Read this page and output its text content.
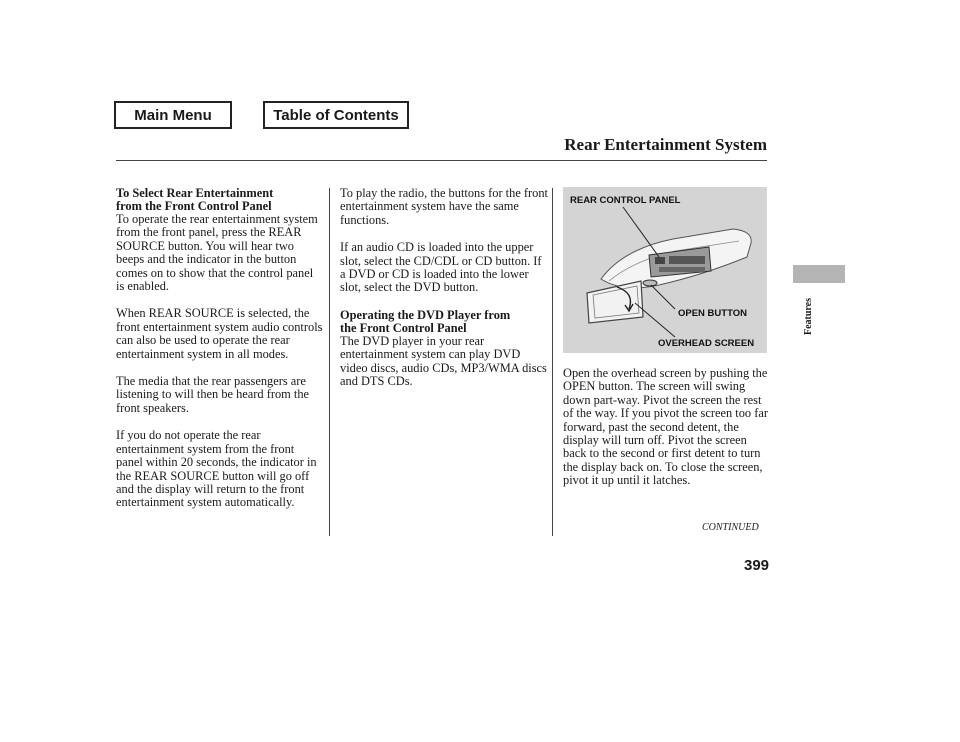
Main Menu	Table of Contents
Rear Entertainment System
To Select Rear Entertainment
from the Front Control Panel

To operate the rear entertainment system from the front panel, press the REAR SOURCE button. You will hear two beeps and the indicator in the button comes on to show that the control panel is enabled.

When REAR SOURCE is selected, the front entertainment system audio controls can also be used to operate the rear entertainment system in all modes.

The media that the rear passengers are listening to will then be heard from the front speakers.

If you do not operate the rear entertainment system from the front panel within 20 seconds, the indicator in the REAR SOURCE button will go off and the display will return to the front entertainment system automatically.

To play the radio, the buttons for the front entertainment system have the same functions.

If an audio CD is loaded into the upper slot, select the CD/CDL or CD button. If a DVD or CD is loaded into the lower slot, select the DVD button.

Operating the DVD Player from
the Front Control Panel

The DVD player in your rear entertainment system can play DVD video discs, audio CDs, MP3/WMA discs and DTS CDs.

REAR CONTROL PANEL
OPEN BUTTON
OVERHEAD SCREEN

Open the overhead screen by pushing the OPEN button. The screen will swing down part-way. Pivot the screen the rest of the way. If you pivot the screen too far forward, past the second detent, the display will turn off. Pivot the screen back to the second or first detent to turn the display back on. To close the screen, pivot it up until it latches.

CONTINUED
399
Features
